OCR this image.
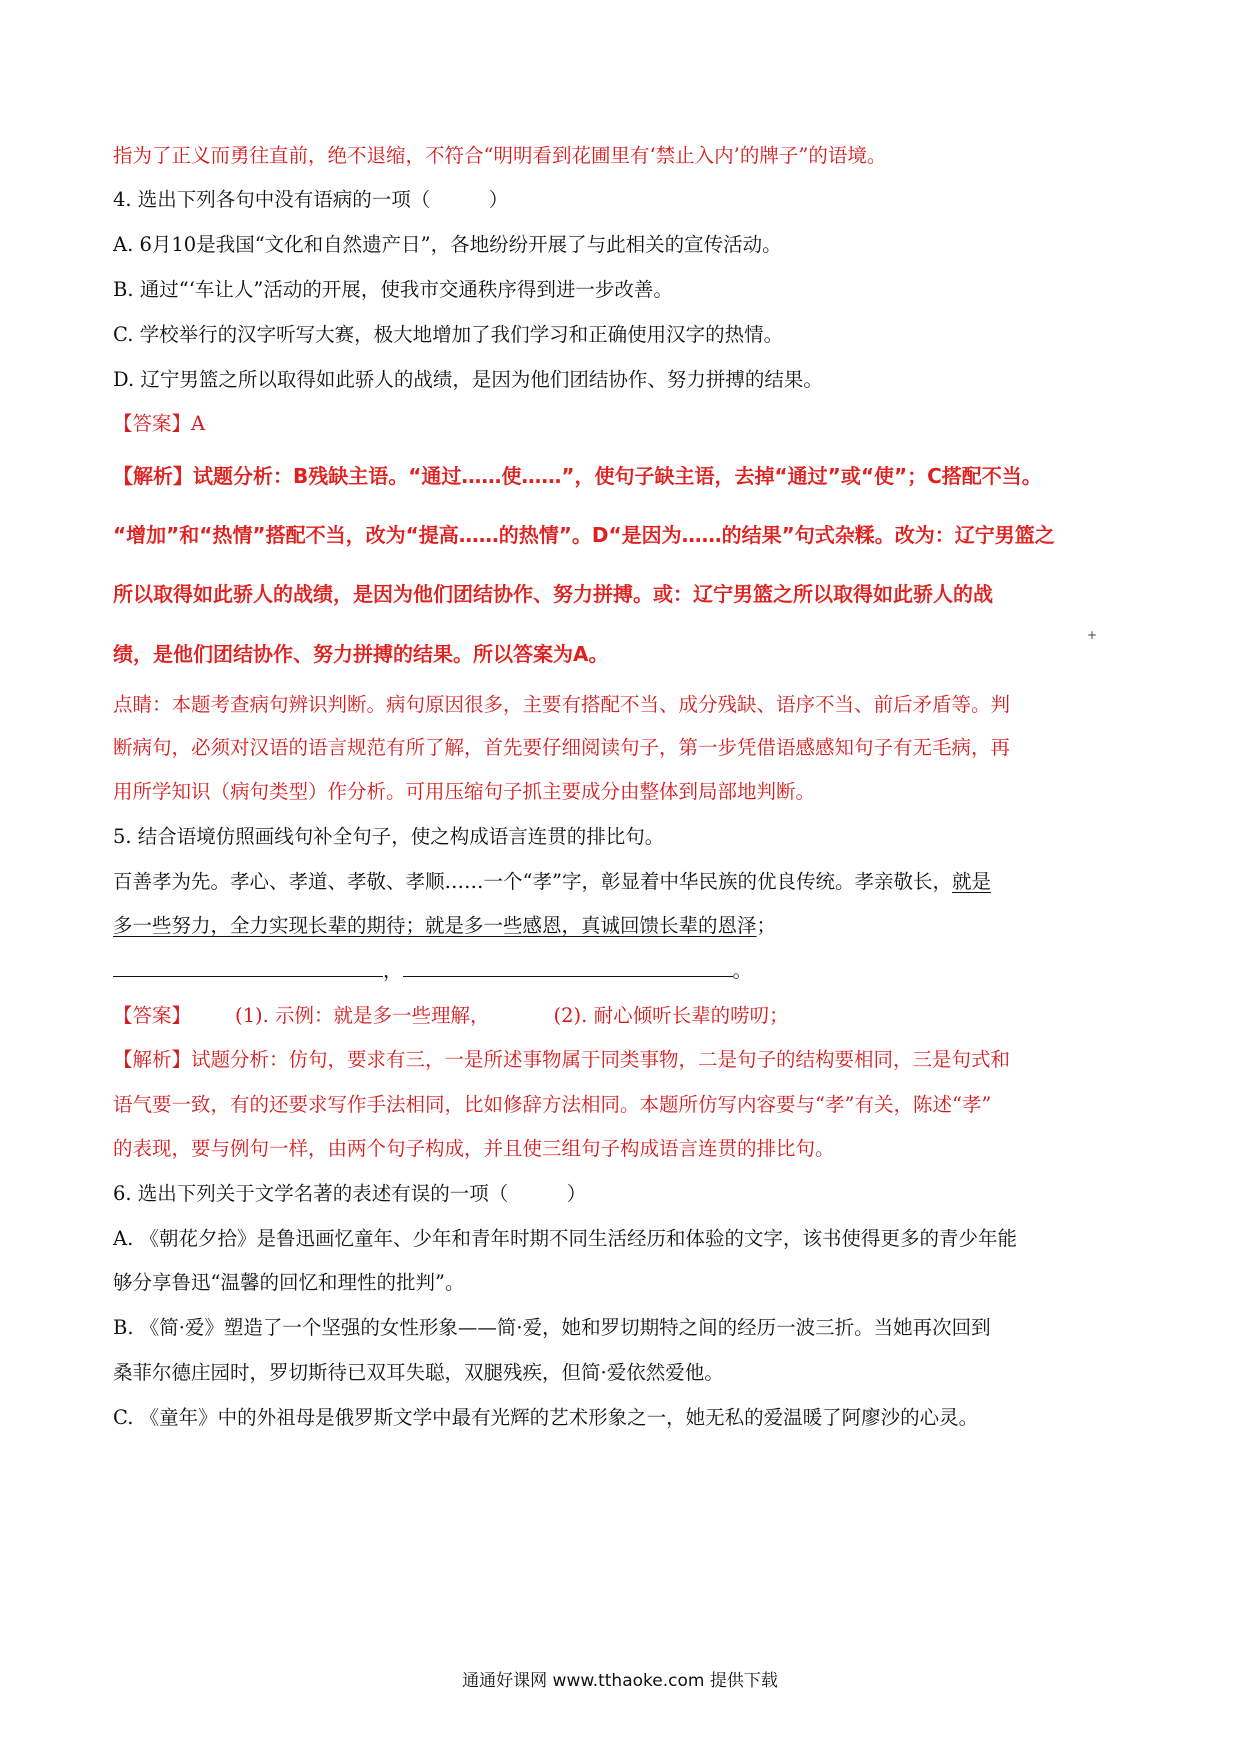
指为了正义而勇往直前，绝不退缩，不符合“明明看到花圃里有‘禁止入内’的牌子”的语境。
4. 选出下列各句中没有语病的一项（　　　）
A. 6月10是我国“文化和自然遗产日”，各地纷纷开展了与此相关的宣传活动。
B. 通过“‘车让人”活动的开展，使我市交通秩序得到进一步改善。
C. 学校举行的汉字听写大赛，极大地增加了我们学习和正确使用汉字的热情。
D. 辽宁男篮之所以取得如此骄人的战绩，是因为他们团结协作、努力拼搏的结果。
【答案】A
【解析】试题分析：B残缺主语。“通过……使……”，使句子缺主语，去掉“通过”或“使”；C搭配不当。
“增加”和“热情”搭配不当，改为“提高……的热情”。D“是因为……的结果”句式杂糅。改为：辽宁男篮之
所以取得如此骄人的战绩，是因为他们团结协作、努力拼搏。或：辽宁男篮之所以取得如此骄人的战
绩，是他们团结协作、努力拼搏的结果。所以答案为A。
+
点睛：本题考查病句辨识判断。病句原因很多，主要有搭配不当、成分残缺、语序不当、前后矛盾等。判
断病句，必须对汉语的语言规范有所了解，首先要仔细阅读句子，第一步凭借语感感知句子有无毛病，再
用所学知识（病句类型）作分析。可用压缩句子抓主要成分由整体到局部地判断。
5. 结合语境仿照画线句补全句子，使之构成语言连贯的排比句。
百善孝为先。孝心、孝道、孝敬、孝顺……一个“孝”字，彰显着中华民族的优良传统。孝亲敬长，就是
多一些努力，全力实现长辈的期待；就是多一些感恩，真诚回馈长辈的恩泽；
，	。
【答案】 (1). 示例：就是多一些理解，	(2). 耐心倾听长辈的唠叨；
【解析】试题分析：仿句，要求有三，一是所述事物属于同类事物，二是句子的结构要相同，三是句式和
语气要一致，有的还要求写作手法相同，比如修辞方法相同。本题所仿写内容要与“孝”有关，陈述“孝”
的表现，要与例句一样，由两个句子构成，并且使三组句子构成语言连贯的排比句。
6. 选出下列关于文学名著的表述有误的一项（　　　）
A. 《朝花夕拾》是鲁迅画忆童年、少年和青年时期不同生活经历和体验的文字，该书使得更多的青少年能
够分享鲁迅“温馨的回忆和理性的批判”。
B. 《简·爱》塑造了一个坚强的女性形象——简·爱，她和罗切期特之间的经历一波三折。当她再次回到
桑菲尔德庄园时，罗切斯待已双耳失聪，双腿残疾，但简·爱依然爱他。
C. 《童年》中的外祖母是俄罗斯文学中最有光辉的艺术形象之一，她无私的爱温暖了阿廖沙的心灵。
通通好课网 www.tthaoke.com 提供下载
